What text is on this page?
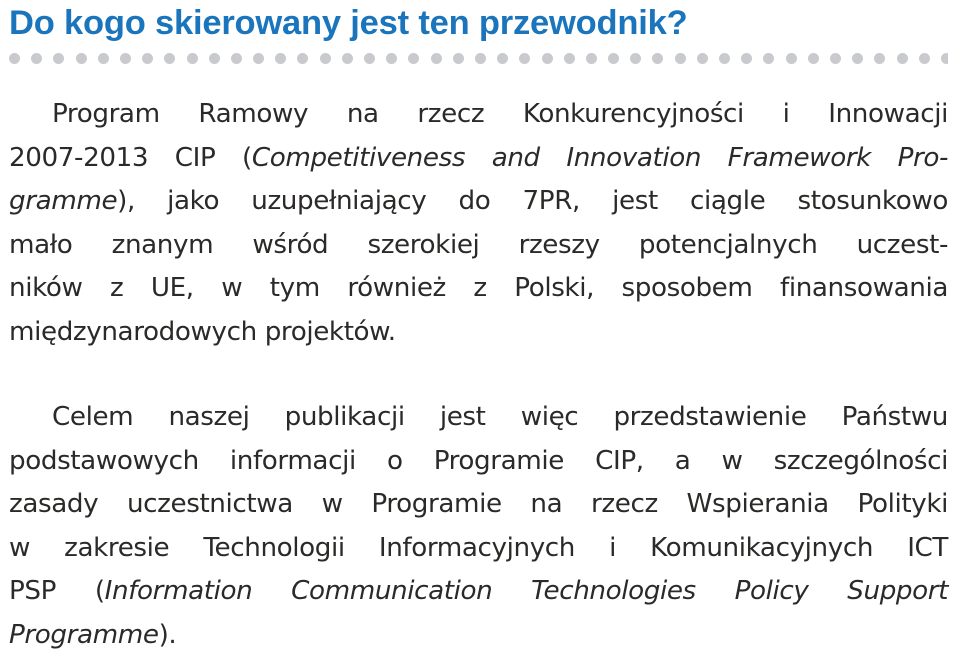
Do kogo skierowany jest ten przewodnik?

Program Ramowy na rzecz Konkurencyjności i Innowacji
2007-2013 CIP (Competitiveness and Innovation Framework Pro-
gramme), jako uzupełniający do 7PR, jest ciągle stosunkowo
mało znanym wśród szerokiej rzeszy potencjalnych uczest-
ników z UE, w tym również z Polski, sposobem finansowania
międzynarodowych projektów.

Celem naszej publikacji jest więc przedstawienie Państwu
podstawowych informacji o Programie CIP, a w szczególności
zasady uczestnictwa w Programie na rzecz Wspierania Polityki
w zakresie Technologii Informacyjnych i Komunikacyjnych ICT
PSP (Information Communication Technologies Policy Support
Programme).
